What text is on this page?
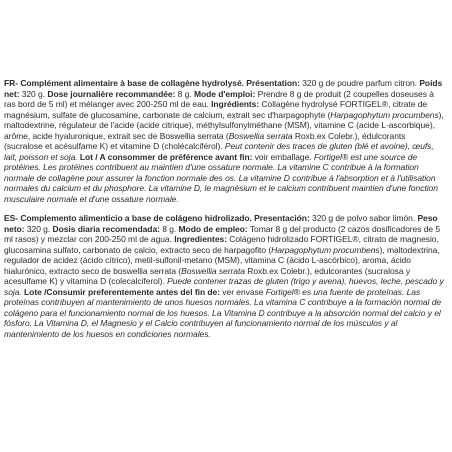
FR- Complément alimentaire à base de collagène hydrolysé. Présentation: 320 g de poudre parfum citron. Poids net: 320 g. Dose journalière recommandée: 8 g. Mode d'emploi: Prendre 8 g de produit (2 coupelles doseuses à ras bord de 5 ml) et mélanger avec 200-250 ml de eau. Ingrédients: Collagène hydrolysé FORTIGEL®, citrate de magnésium, sulfate de glucosamine, carbonate de calcium, extrait sec d'harpagophyte (Harpagophytum procumbens), maltodextrine, régulateur de l'acide (acide citrique), méthylsulfonylméthane (MSM), vitamine C (acide L-ascorbique), arôme, acide hyaluronique, extrait sec de Boswellia serrata (Boswellia serrata Roxb.ex Colebr.), édulcorants (sucralose et acésulfame K) et vitamine D (cholécalciférol). Peut contenir des traces de gluten (blé et avoine), œufs, lait, poisson et soja. Lot / A consommer de préférence avant fin: voir emballage. Fortigel® est une source de protéines. Les protéines contribuent au maintien d'une ossature normale. La vitamine C contribue à la formation normale de collagène pour assurer la fonction normale des os. La vitamine D contribue à l'absorption et à l'utilisation normales du calcium et du phosphore. La vitamine D, le magnésium et le calcium contribuent maintien d'une fonction musculaire normale et d'une ossature normale.

ES- Complemento alimenticio a base de colágeno hidrolizado. Presentación: 320 g de polvo sabor limón. Peso neto: 320 g. Dosis diaria recomendada: 8 g. Modo de empleo: Tomar 8 g del producto (2 cazos dosificadores de 5 ml rasos) y mezclar con 200-250 ml de agua. Ingredientes: Colágeno hidrolizado FORTIGEL®, citrato de magnesio, glucosamina sulfato, carbonato de calcio, extracto seco de harpagofito (Harpagophytum procumbens), maltodextrina, regulador de acidez (ácido cítrico), metil-sulfonil-metano (MSM), vitamina C (ácido L-ascórbico), aroma, ácido hialurónico, extracto seco de boswellia serrata (Boswellia serrata Roxb.ex Colebr.), edulcorantes (sucralosa y acesulfame K) y vitamina D (colecalciferol). Puede contener trazas de gluten (trigo y avena), huevos, leche, pescado y soja. Lote /Consumir preferentemente antes del fin de: ver envase Fortigel® es una fuente de proteínas. Las proteínas contribuyen al mantenimiento de unos huesos normales. La vitamina C contribuye a la formación normal de colágeno para el funcionamiento normal de los huesos. La Vitamina D contribuye a la absorción normal del calcio y el fósforo. La Vitamina D, el Magnesio y el Calcio contribuyen al funcionamiento normal de los músculos y al mantenimiento de los huesos en condiciones normales.
